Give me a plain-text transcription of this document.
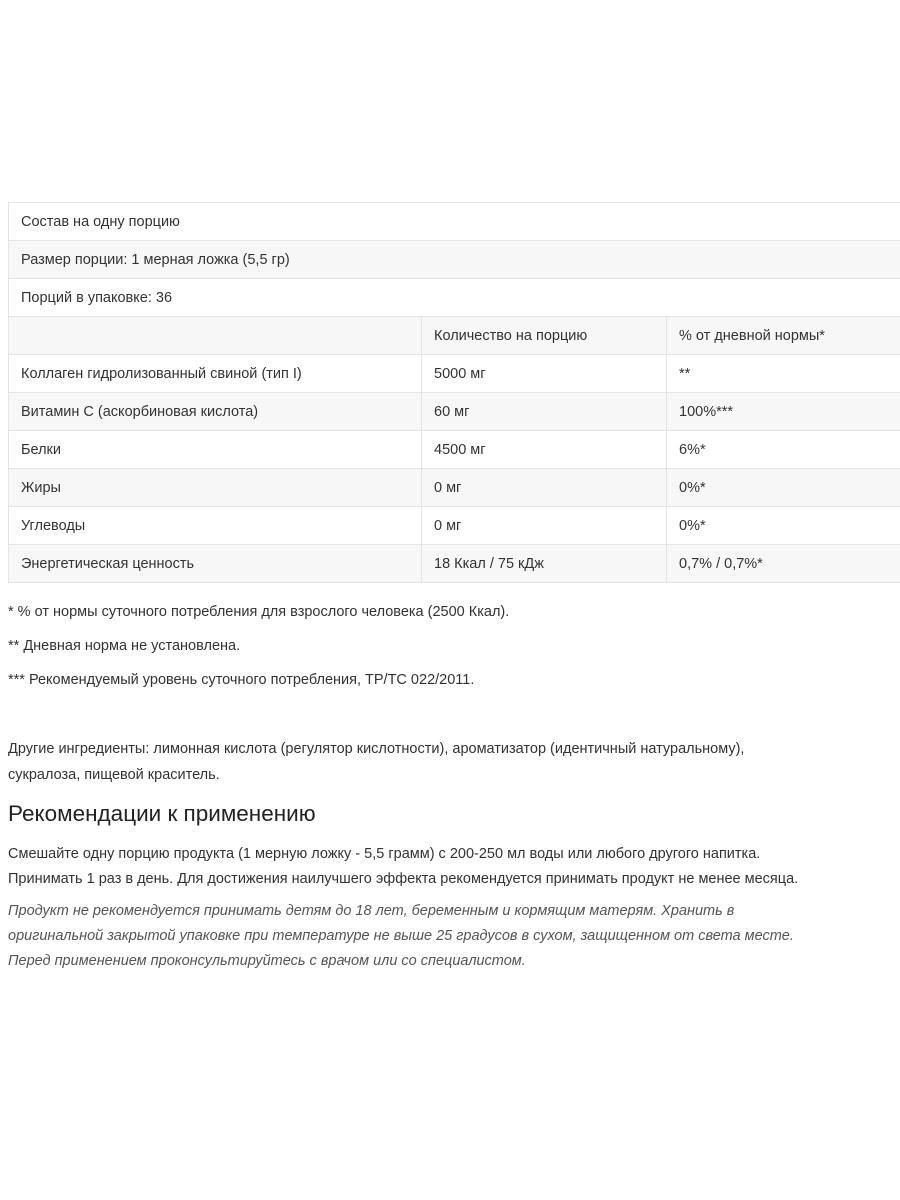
Состав на одну порцию		
Размер порции: 1 мерная ложка (5,5 гр)		
Порций в упаковке: 36		
	Количество на порцию	% от дневной нормы*
Коллаген гидролизованный свиной (тип I)	5000 мг	**
Витамин С (аскорбиновая кислота)	60 мг	100%***
Белки	4500 мг	6%*
Жиры	0 мг	0%*
Углеводы	0 мг	0%*
Энергетическая ценность	18 Ккал / 75 кДж	0,7% / 0,7%*

* % от нормы суточного потребления для взрослого человека (2500 Ккал).

** Дневная норма не установлена.

*** Рекомендуемый уровень суточного потребления, ТР/ТС 022/2011.

Другие ингредиенты: лимонная кислота (регулятор кислотности), ароматизатор (идентичный натуральному),
сукралоза, пищевой краситель.

Рекомендации к применению

Смешайте одну порцию продукта (1 мерную ложку - 5,5 грамм) с 200-250 мл воды или любого другого напитка.
Принимать 1 раз в день. Для достижения наилучшего эффекта рекомендуется принимать продукт не менее месяца.

Продукт не рекомендуется принимать детям до 18 лет, беременным и кормящим матерям. Хранить в
оригинальной закрытой упаковке при температуре не выше 25 градусов в сухом, защищенном от света месте.
Перед применением проконсультируйтесь с врачом или со специалистом.
